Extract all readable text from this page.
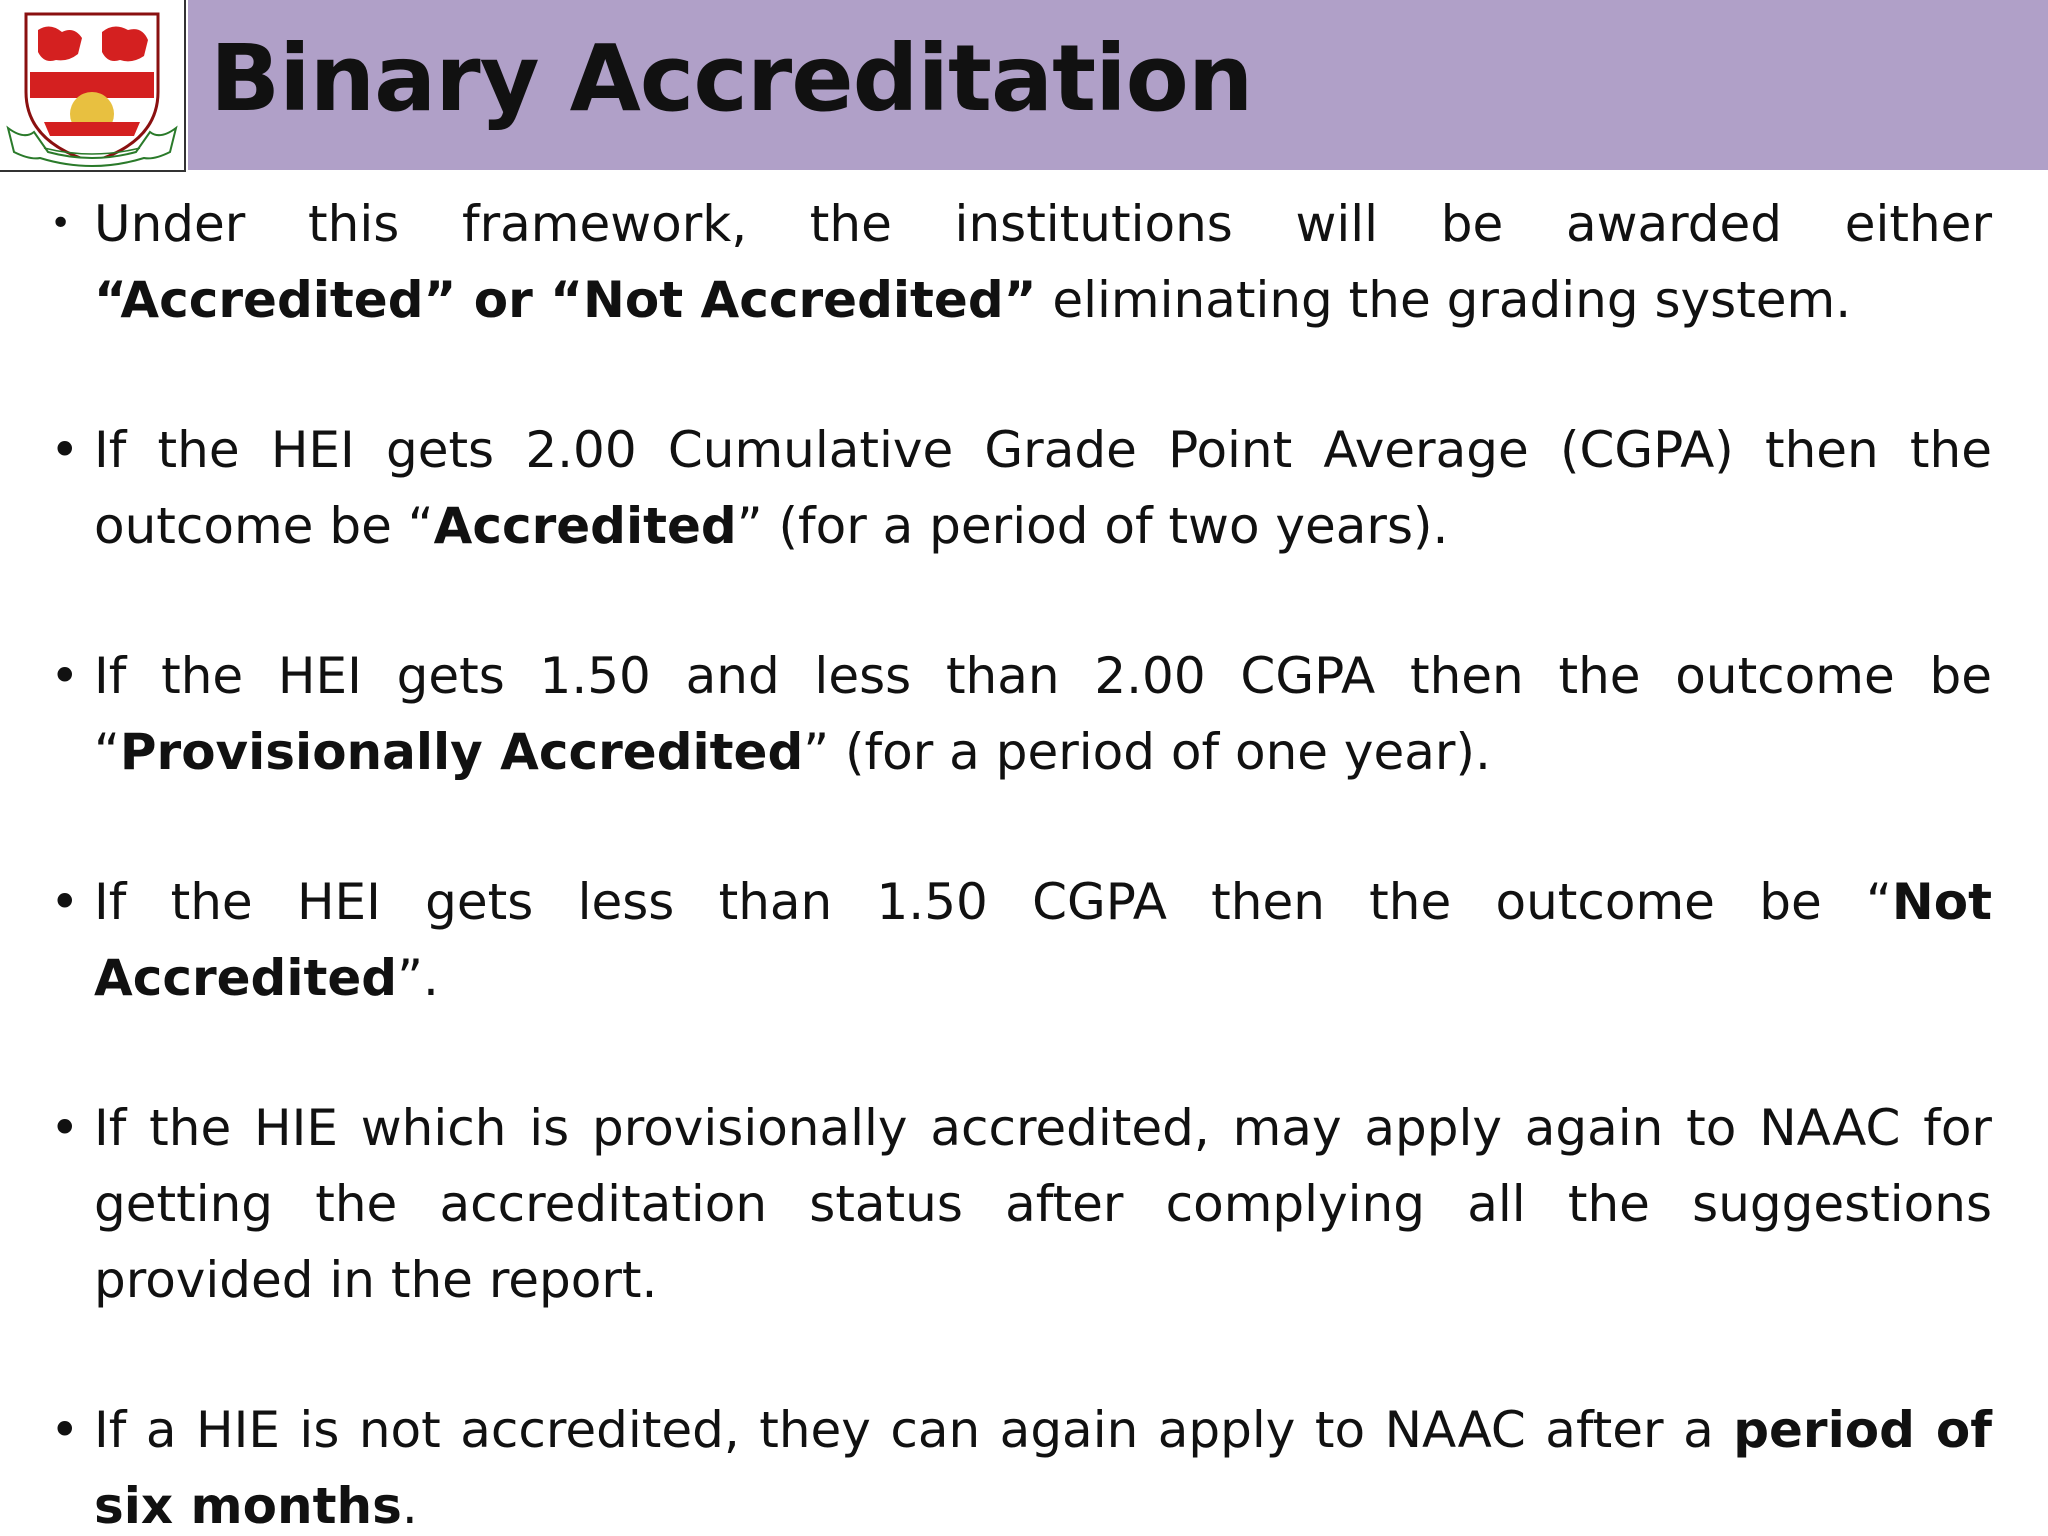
Binary Accreditation

• Under this framework, the institutions will be awarded either “Accredited” or “Not Accredited” eliminating the grading system.

• If the HEI gets 2.00 Cumulative Grade Point Average (CGPA) then the outcome be “Accredited” (for a period of two years).

• If the HEI gets 1.50 and less than 2.00 CGPA then the outcome be “Provisionally Accredited” (for a period of one year).

• If the HEI gets less than 1.50 CGPA then the outcome be “Not Accredited”.

• If the HIE which is provisionally accredited, may apply again to NAAC for getting the accreditation status after complying all the suggestions provided in the report.

• If a HIE is not accredited, they can again apply to NAAC after a period of six months.
